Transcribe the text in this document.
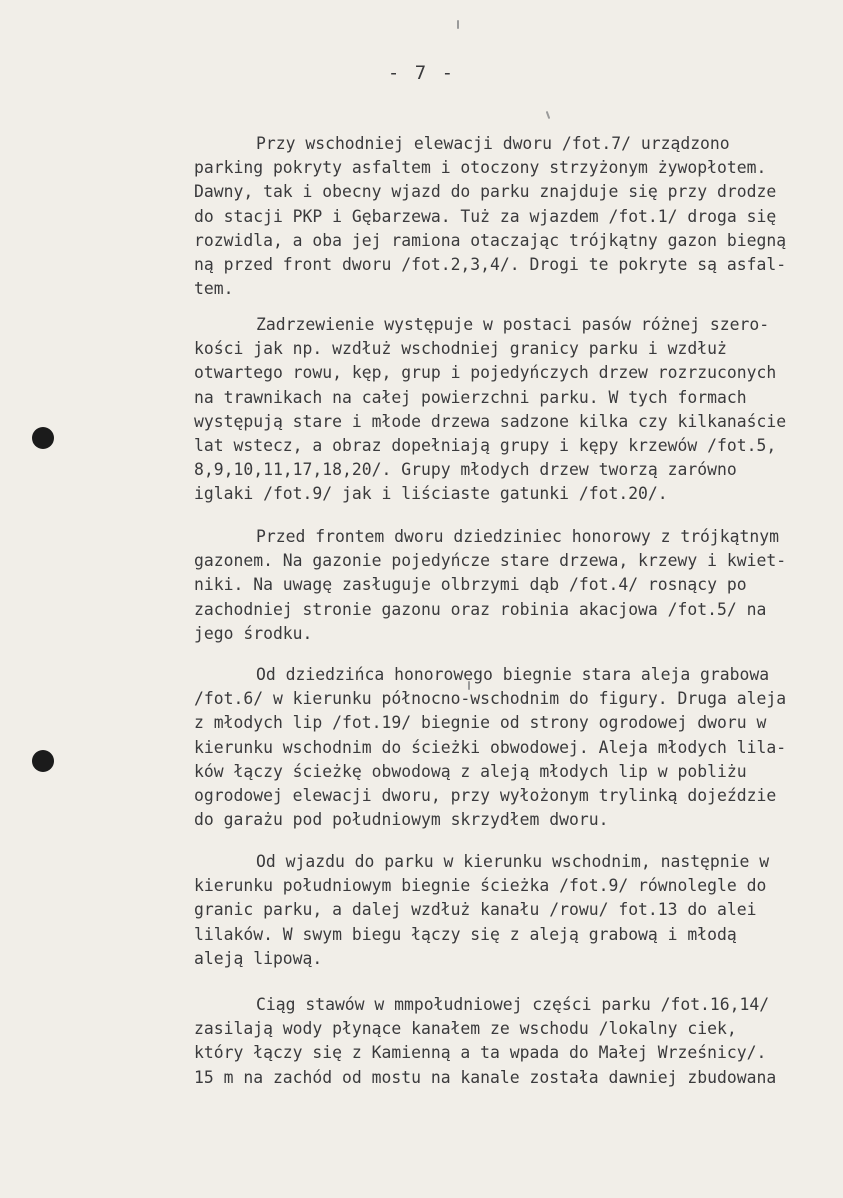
- 7 -
Przy wschodniej elewacji dworu /fot.7/ urządzono
parking pokryty asfaltem i otoczony strzyżonym żywopłotem.
Dawny, tak i obecny wjazd do parku znajduje się przy drodze
do stacji PKP i Gębarzewa. Tuż za wjazdem /fot.1/ droga się
rozwidla, a oba jej ramiona otaczając trójkątny gazon biegną
ną przed front dworu /fot.2,3,4/. Drogi te pokryte są asfal-
tem.
Zadrzewienie występuje w postaci pasów różnej szero-
kości jak np. wzdłuż wschodniej granicy parku i wzdłuż
otwartego rowu, kęp, grup i pojedyńczych drzew rozrzuconych
na trawnikach na całej powierzchni parku. W tych formach
występują stare i młode drzewa sadzone kilka czy kilkanaście
lat wstecz, a obraz dopełniają grupy i kępy krzewów /fot.5,
8,9,10,11,17,18,20/. Grupy młodych drzew tworzą zarówno
iglaki /fot.9/ jak i liściaste gatunki /fot.20/.
Przed frontem dworu dziedziniec honorowy z trójkątnym
gazonem. Na gazonie pojedyńcze stare drzewa, krzewy i kwiet-
niki. Na uwagę zasługuje olbrzymi dąb /fot.4/ rosnący po
zachodniej stronie gazonu oraz robinia akacjowa /fot.5/ na
jego środku.
Od dziedzińca honorowego biegnie stara aleja grabowa
/fot.6/ w kierunku północno-wschodnim do figury. Druga aleja
z młodych lip /fot.19/ biegnie od strony ogrodowej dworu w
kierunku wschodnim do ścieżki obwodowej. Aleja młodych lila-
ków łączy ścieżkę obwodową z aleją młodych lip w pobliżu
ogrodowej elewacji dworu, przy wyłożonym trylinką dojeździe
do garażu pod południowym skrzydłem dworu.
Od wjazdu do parku w kierunku wschodnim, następnie w
kierunku południowym biegnie ścieżka /fot.9/ równolegle do
granic parku, a dalej wzdłuż kanału /rowu/ fot.13 do alei
lilaków. W swym biegu łączy się z aleją grabową i młodą
aleją lipową.
Ciąg stawów w mmpołudniowej części parku /fot.16,14/
zasilają wody płynące kanałem ze wschodu /lokalny ciek,
który łączy się z Kamienną a ta wpada do Małej Wrześnicy/.
15 m na zachód od mostu na kanale została dawniej zbudowana
